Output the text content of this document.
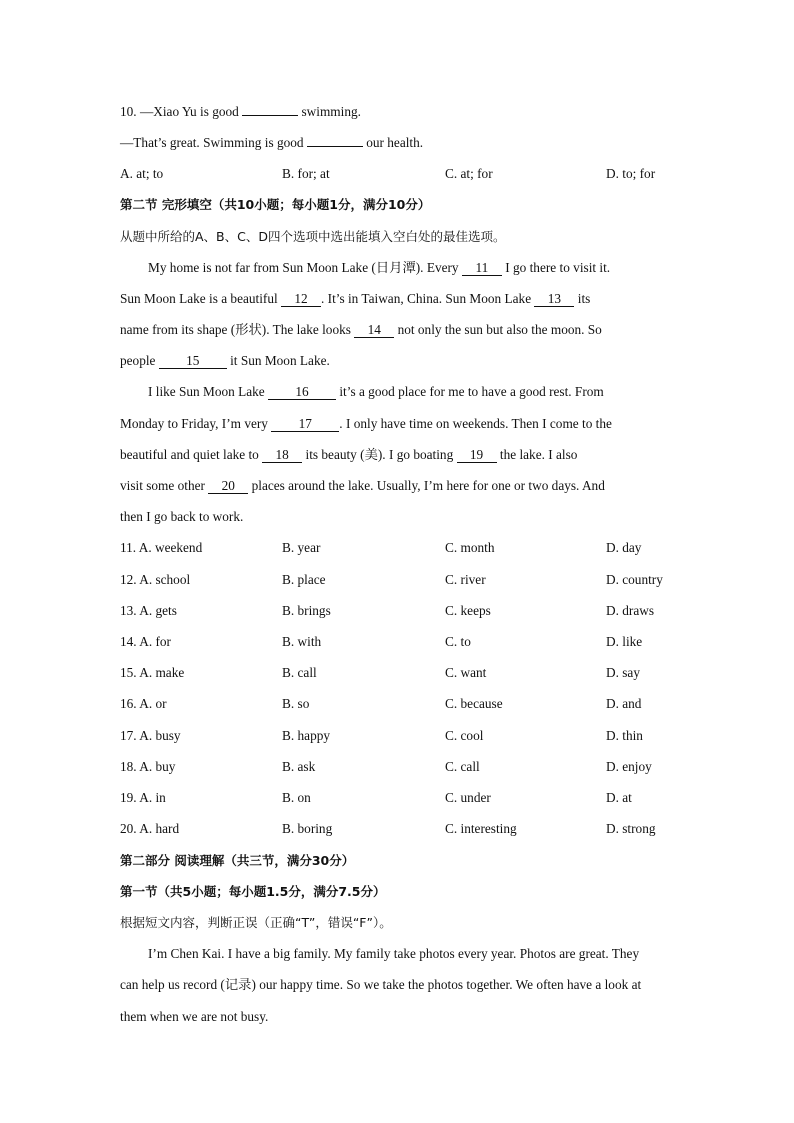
10. —Xiao Yu is good	swimming.
—That’s great. Swimming is good	our health.
A. at; to	B. for; at	C. at; for	D. to; for
第二节 完形填空（共10小题；每小题1分，满分10分）
从题中所给的A、B、C、D四个选项中选出能填入空白处的最佳选项。
My home is not far from Sun Moon Lake (日月潭). Every 11 I go there to visit it.
Sun Moon Lake is a beautiful 12 . It’s in Taiwan, China. Sun Moon Lake 13 its
name from its shape (形状). The lake looks 14 not only the sun but also the moon. So
people 15 it Sun Moon Lake.
I like Sun Moon Lake 16 it’s a good place for me to have a good rest. From
Monday to Friday, I’m very 17 . I only have time on weekends. Then I come to the
beautiful and quiet lake to 18 its beauty (美). I go boating 19 the lake. I also
visit some other 20 places around the lake. Usually, I’m here for one or two days. And
then I go back to work.
11. A. weekend	B. year	C. month	D. day
12. A. school	B. place	C. river	D. country
13. A. gets	B. brings	C. keeps	D. draws
14. A. for	B. with	C. to	D. like
15. A. make	B. call	C. want	D. say
16. A. or	B. so	C. because	D. and
17. A. busy	B. happy	C. cool	D. thin
18. A. buy	B. ask	C. call	D. enjoy
19. A. in	B. on	C. under	D. at
20. A. hard	B. boring	C. interesting	D. strong
第二部分 阅读理解（共三节，满分30分）
第一节（共5小题；每小题1.5分，满分7.5分）
根据短文内容，判断正误（正确“T”，错误“F”）。
I’m Chen Kai. I have a big family. My family take photos every year. Photos are great. They
can help us record (记录) our happy time. So we take the photos together. We often have a look at
them when we are not busy.
